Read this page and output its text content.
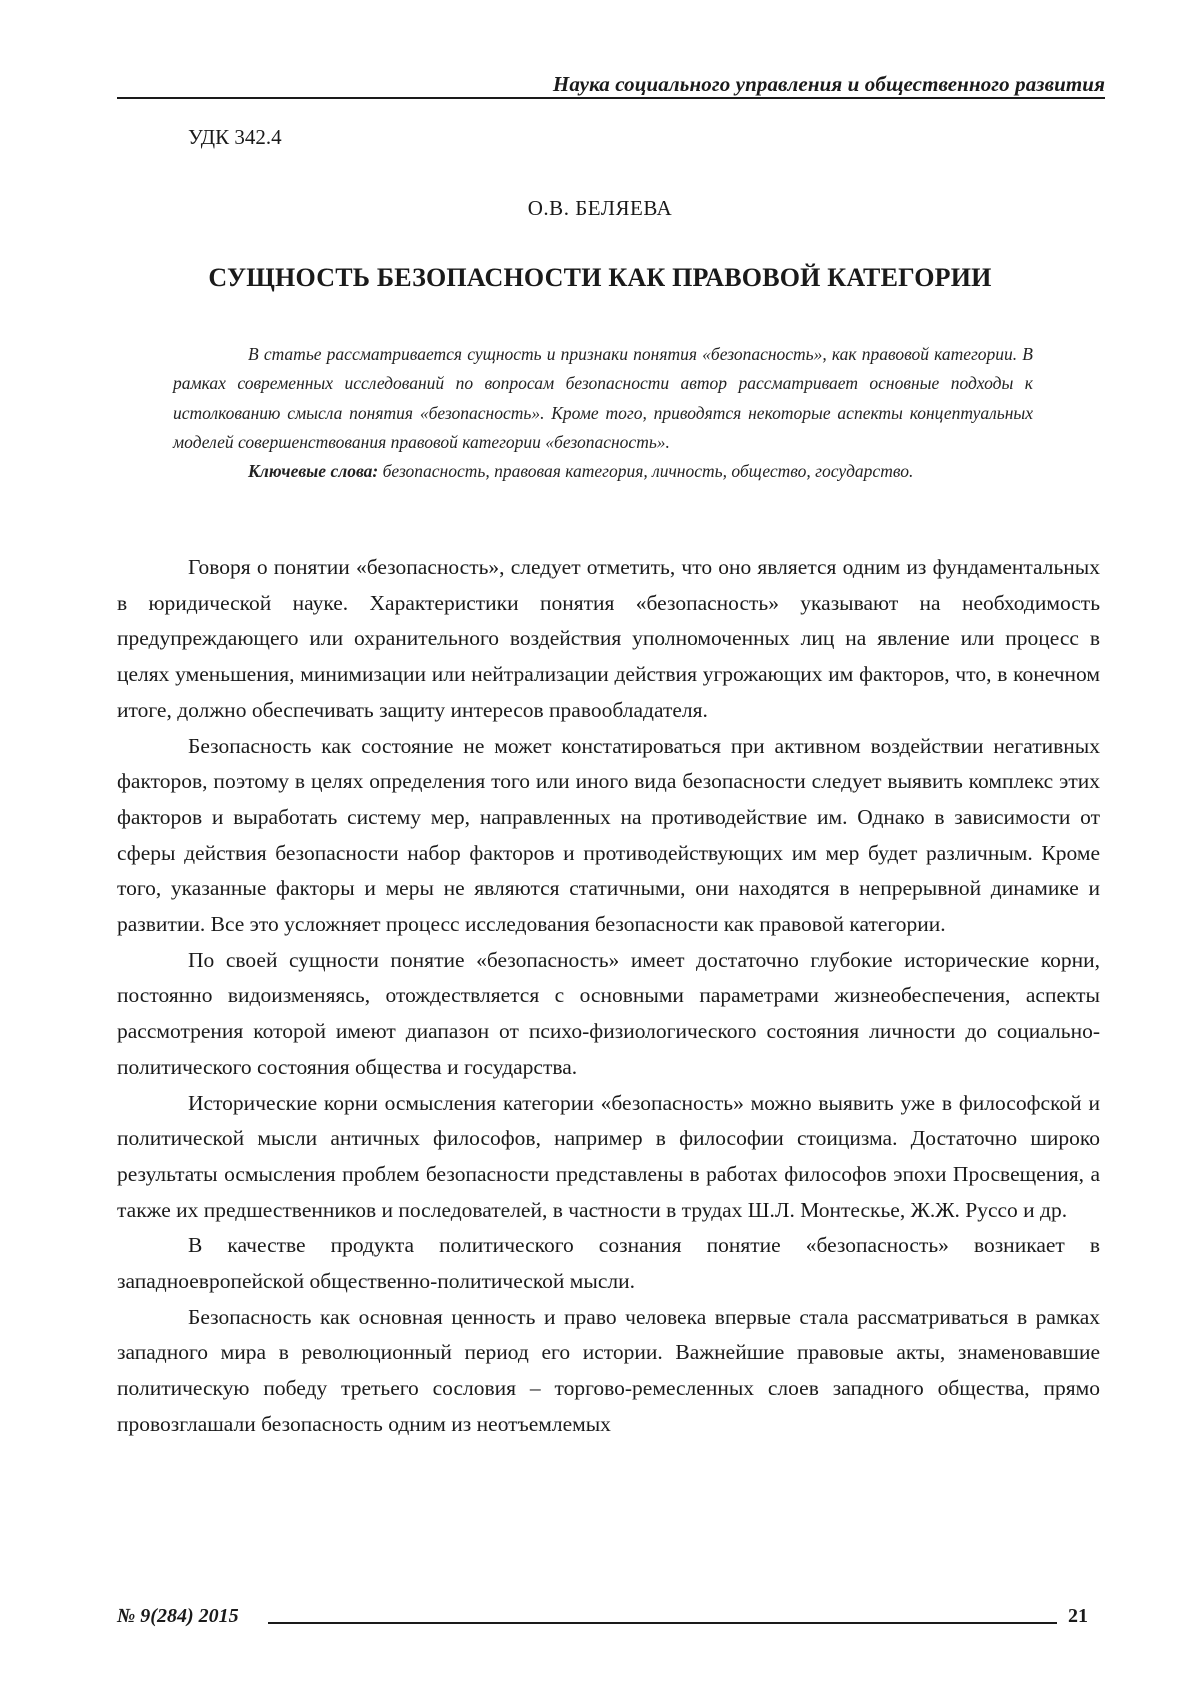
Наука социального управления и общественного развития
УДК 342.4
О.В. БЕЛЯЕВА
СУЩНОСТЬ БЕЗОПАСНОСТИ КАК ПРАВОВОЙ КАТЕГОРИИ

В статье рассматривается сущность и признаки понятия «безопасность», как правовой категории. В рамках современных исследований по вопросам безопасности автор рассматривает основные подходы к истолкованию смысла понятия «безопасность». Кроме того, приводятся некоторые аспекты концептуальных моделей совершенствования правовой категории «безопасность».

Ключевые слова: безопасность, правовая категория, личность, общество, государство.

Говоря о понятии «безопасность», следует отметить, что оно является одним из фундаментальных в юридической науке. Характеристики понятия «безопасность» указывают на необходимость предупреждающего или охранительного воздействия уполномоченных лиц на явление или процесс в целях уменьшения, минимизации или нейтрализации действия угрожающих им факторов, что, в конечном итоге, должно обеспечивать защиту интересов правообладателя.

Безопасность как состояние не может констатироваться при активном воздействии негативных факторов, поэтому в целях определения того или иного вида безопасности следует выявить комплекс этих факторов и выработать систему мер, направленных на противодействие им. Однако в зависимости от сферы действия безопасности набор факторов и противодействующих им мер будет различным. Кроме того, указанные факторы и меры не являются статичными, они находятся в непрерывной динамике и развитии. Все это усложняет процесс исследования безопасности как правовой категории.

По своей сущности понятие «безопасность» имеет достаточно глубокие исторические корни, постоянно видоизменяясь, отождествляется с основными параметрами жизнеобеспечения, аспекты рассмотрения которой имеют диапазон от психо-физиологического состояния личности до социально-политического состояния общества и государства.

Исторические корни осмысления категории «безопасность» можно выявить уже в философской и политической мысли античных философов, например в философии стоицизма. Достаточно широко результаты осмысления проблем безопасности представлены в работах философов эпохи Просвещения, а также их предшественников и последователей, в частности в трудах Ш.Л. Монтескье, Ж.Ж. Руссо и др.

В качестве продукта политического сознания понятие «безопасность» возникает в западноевропейской общественно-политической мысли.

Безопасность как основная ценность и право человека впервые стала рассматриваться в рамках западного мира в революционный период его истории. Важнейшие правовые акты, знаменовавшие политическую победу третьего сословия – торгово-ремесленных слоев западного общества, прямо провозглашали безопасность одним из неотъемлемых

№ 9(284) 2015	21
